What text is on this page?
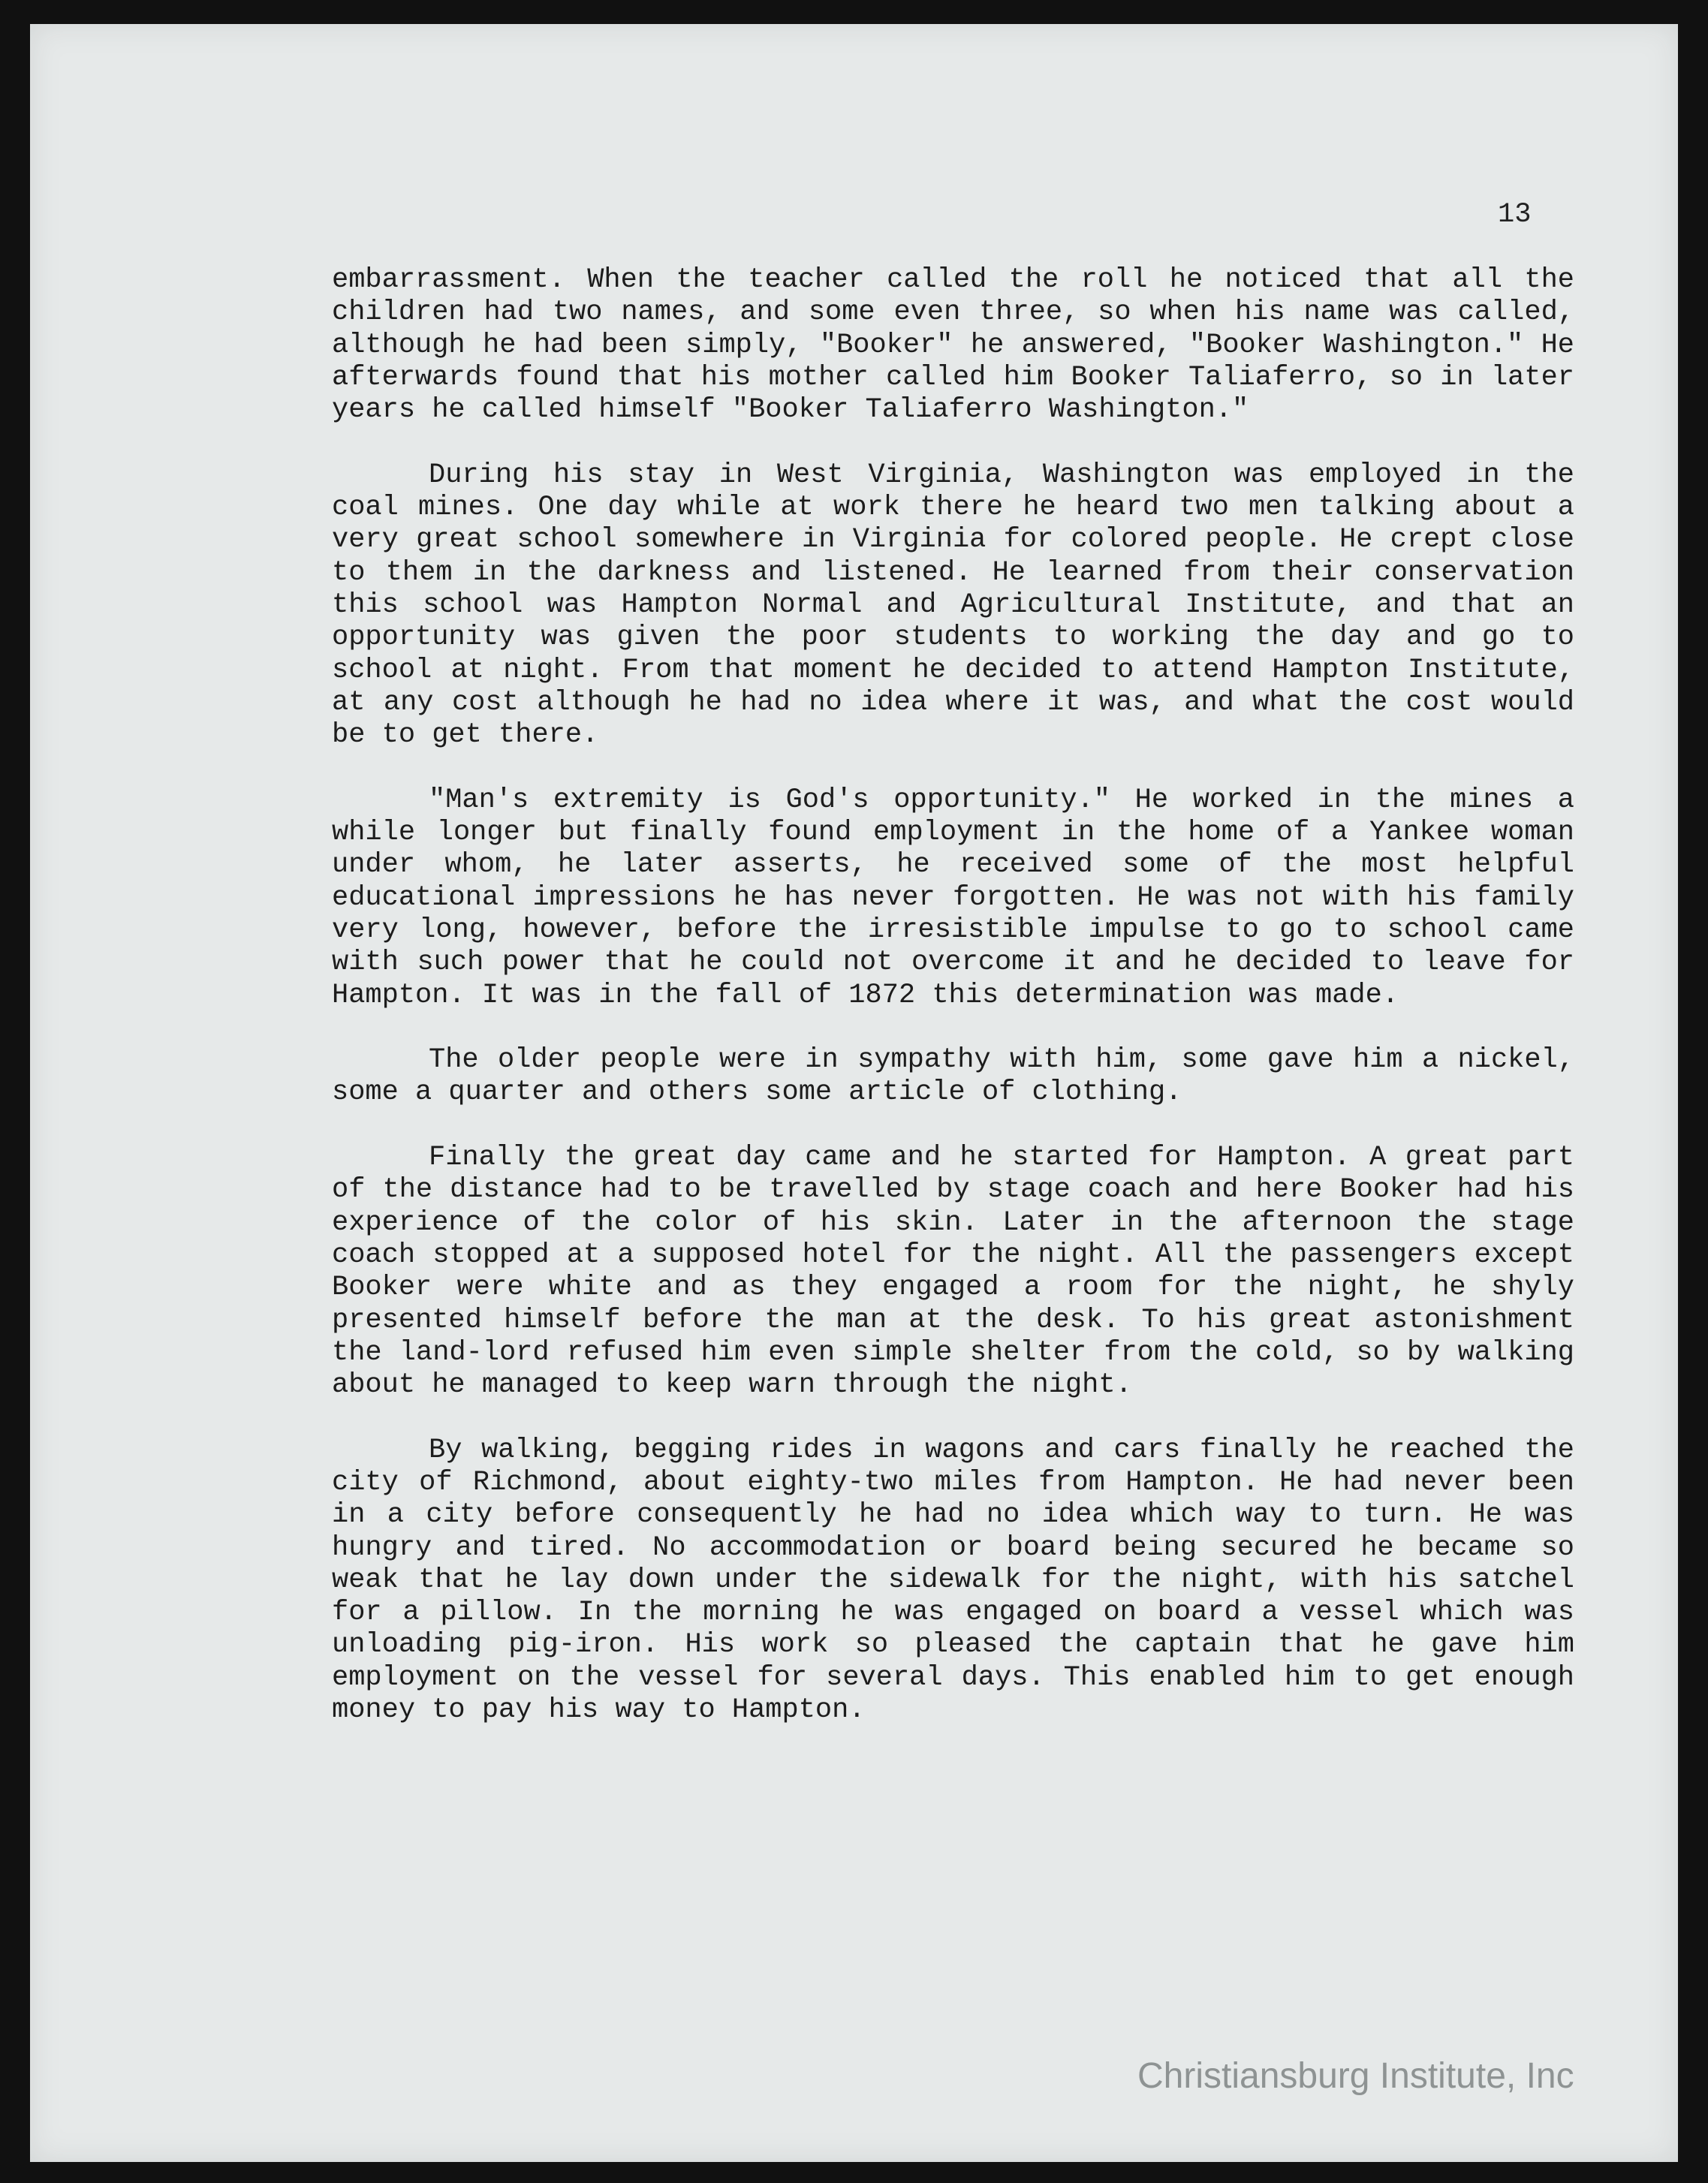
13

embarrassment. When the teacher called the roll he noticed that all the children had two names, and some even three, so when his name was called, although he had been simply, "Booker" he answered, "Booker Washington." He afterwards found that his mother called him Booker Taliaferro, so in later years he called himself "Booker Taliaferro Washington."

During his stay in West Virginia, Washington was employed in the coal mines. One day while at work there he heard two men talking about a very great school somewhere in Virginia for colored people. He crept close to them in the darkness and listened. He learned from their conservation this school was Hampton Normal and Agricultural Institute, and that an opportunity was given the poor students to working the day and go to school at night. From that moment he decided to attend Hampton Institute, at any cost although he had no idea where it was, and what the cost would be to get there.

"Man's extremity is God's opportunity." He worked in the mines a while longer but finally found employment in the home of a Yankee woman under whom, he later asserts, he received some of the most helpful educational impressions he has never forgotten. He was not with his family very long, however, before the irresistible impulse to go to school came with such power that he could not overcome it and he decided to leave for Hampton. It was in the fall of 1872 this determination was made.

The older people were in sympathy with him, some gave him a nickel, some a quarter and others some article of clothing.

Finally the great day came and he started for Hampton. A great part of the distance had to be travelled by stage coach and here Booker had his experience of the color of his skin. Later in the afternoon the stage coach stopped at a supposed hotel for the night. All the passengers except Booker were white and as they engaged a room for the night, he shyly presented himself before the man at the desk. To his great astonishment the land-lord refused him even simple shelter from the cold, so by walking about he managed to keep warn through the night.

By walking, begging rides in wagons and cars finally he reached the city of Richmond, about eighty-two miles from Hampton. He had never been in a city before consequently he had no idea which way to turn. He was hungry and tired. No accommodation or board being secured he became so weak that he lay down under the sidewalk for the night, with his satchel for a pillow. In the morning he was engaged on board a vessel which was unloading pig-iron. His work so pleased the captain that he gave him employment on the vessel for several days. This enabled him to get enough money to pay his way to Hampton.

Christiansburg Institute, Inc
